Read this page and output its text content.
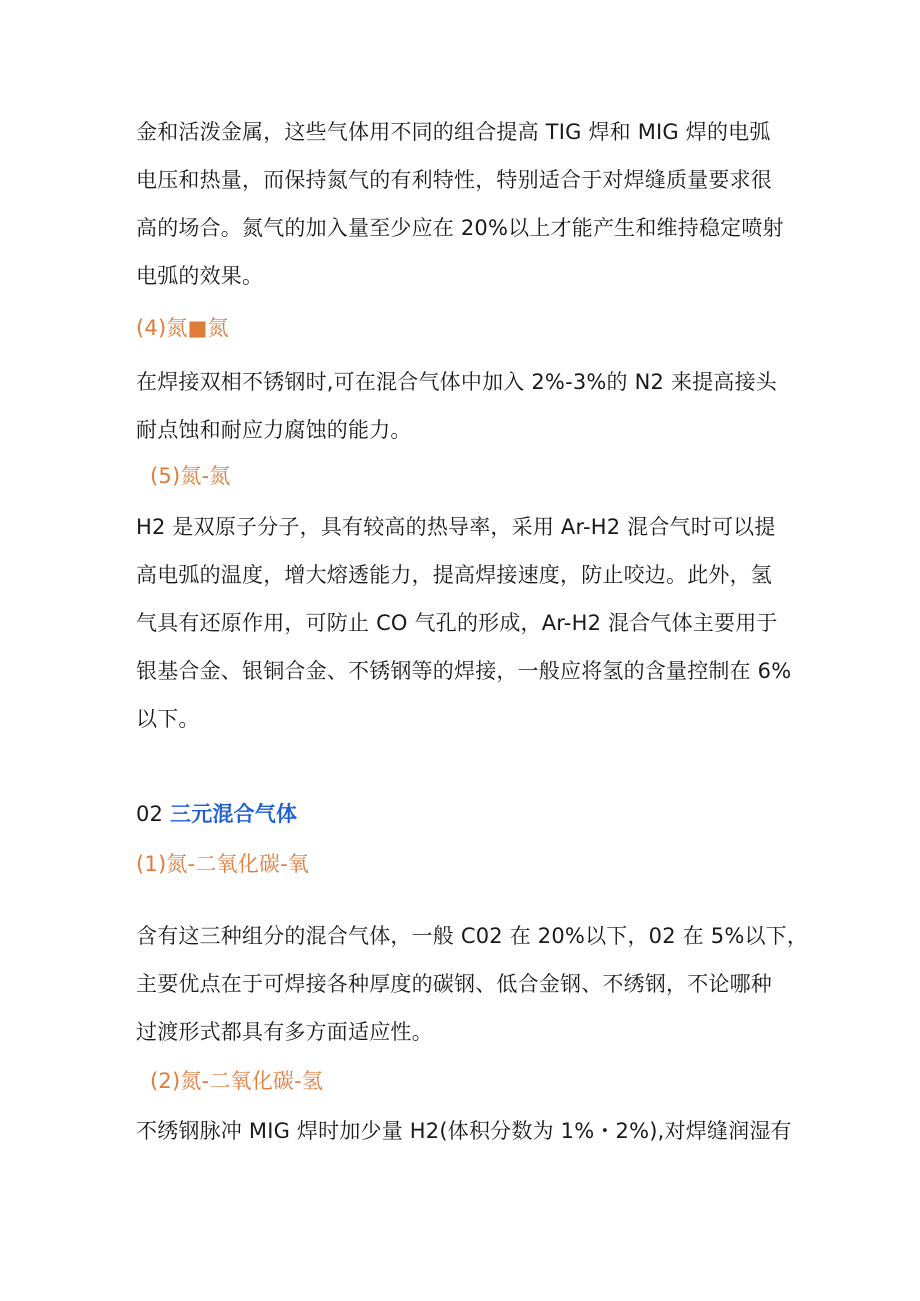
金和活泼金属，这些气体用不同的组合提高 TIG 焊和 MIG 焊的电弧
电压和热量，而保持氮气的有利特性，特别适合于对焊缝质量要求很
高的场合。氮气的加入量至少应在 20%以上才能产生和维持稳定喷射
电弧的效果。
(4)氮■氮
在焊接双相不锈钢时,可在混合气体中加入 2%-3%的 N2 来提高接头
耐点蚀和耐应力腐蚀的能力。
(5)氮-氮
H2 是双原子分子，具有较高的热导率，采用 Ar-H2 混合气时可以提
高电弧的温度，增大熔透能力，提高焊接速度，防止咬边。此外，氢
气具有还原作用，可防止 CO 气孔的形成，Ar-H2 混合气体主要用于
银基合金、银铜合金、不锈钢等的焊接，一般应将氢的含量控制在 6%
以下。
02 三元混合气体
(1)氮-二氧化碳-氧
含有这三种组分的混合气体，一般 C02 在 20%以下，02 在 5%以下，
主要优点在于可焊接各种厚度的碳钢、低合金钢、不绣钢，不论哪种
过渡形式都具有多方面适应性。
(2)氮-二氧化碳-氢
不绣钢脉冲 MIG 焊时加少量 H2(体积分数为 1%・2%),对焊缝润湿有
